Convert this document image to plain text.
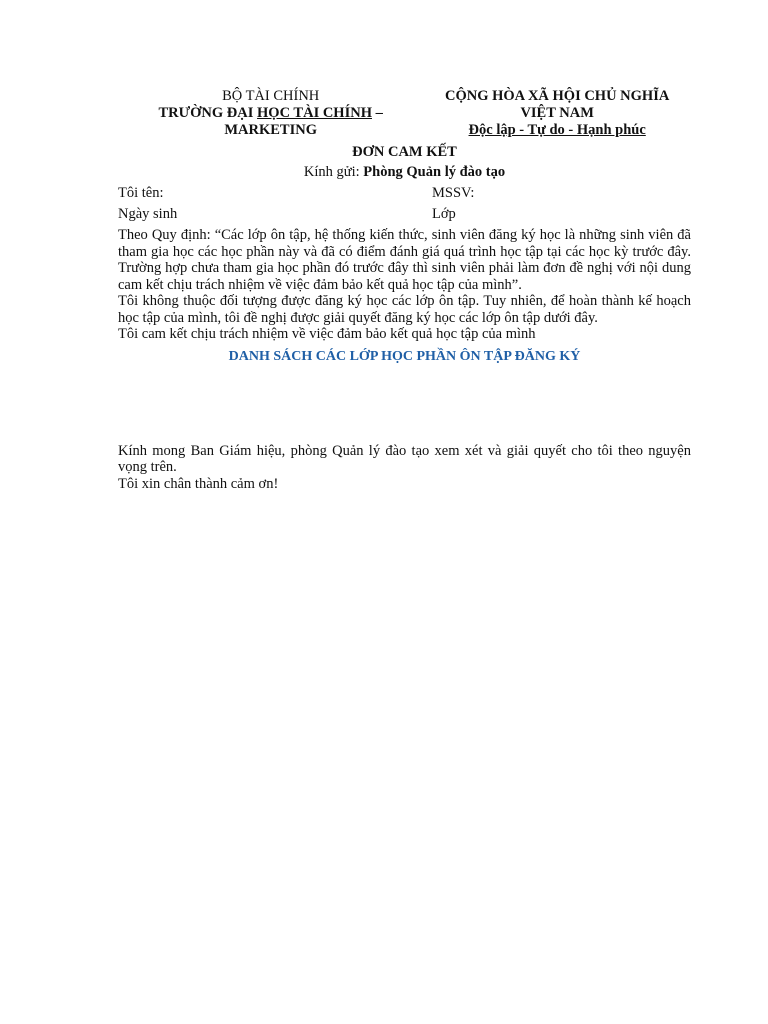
BỘ TÀI CHÍNH
TRƯỜNG ĐẠI HỌC TÀI CHÍNH –
MARKETING
CỘNG HÒA XÃ HỘI CHỦ NGHĨA
VIỆT NAM
Độc lập - Tự do - Hạnh phúc
ĐƠN CAM KẾT
Kính gửi: Phòng Quản lý đào tạo
Tôi tên:	MSSV:
Ngày sinh	Lớp

Theo Quy định: “Các lớp ôn tập, hệ thống kiến thức, sinh viên đăng ký học là những sinh viên đã tham gia học các học phần này và đã có điểm đánh giá quá trình học tập tại các học kỳ trước đây. Trường hợp chưa tham gia học phần đó trước đây thì sinh viên phải làm đơn đề nghị với nội dung cam kết chịu trách nhiệm về việc đảm bảo kết quả học tập của mình”.

Tôi không thuộc đối tượng được đăng ký học các lớp ôn tập. Tuy nhiên, để hoàn thành kế hoạch học tập của mình, tôi đề nghị được giải quyết đăng ký học các lớp ôn tập dưới đây.

Tôi cam kết chịu trách nhiệm về việc đảm bảo kết quả học tập của mình

DANH SÁCH CÁC LỚP HỌC PHẦN ÔN TẬP ĐĂNG KÝ

Kính mong Ban Giám hiệu, phòng Quản lý đào tạo xem xét và giải quyết cho tôi theo nguyện vọng trên.

Tôi xin chân thành cảm ơn!
